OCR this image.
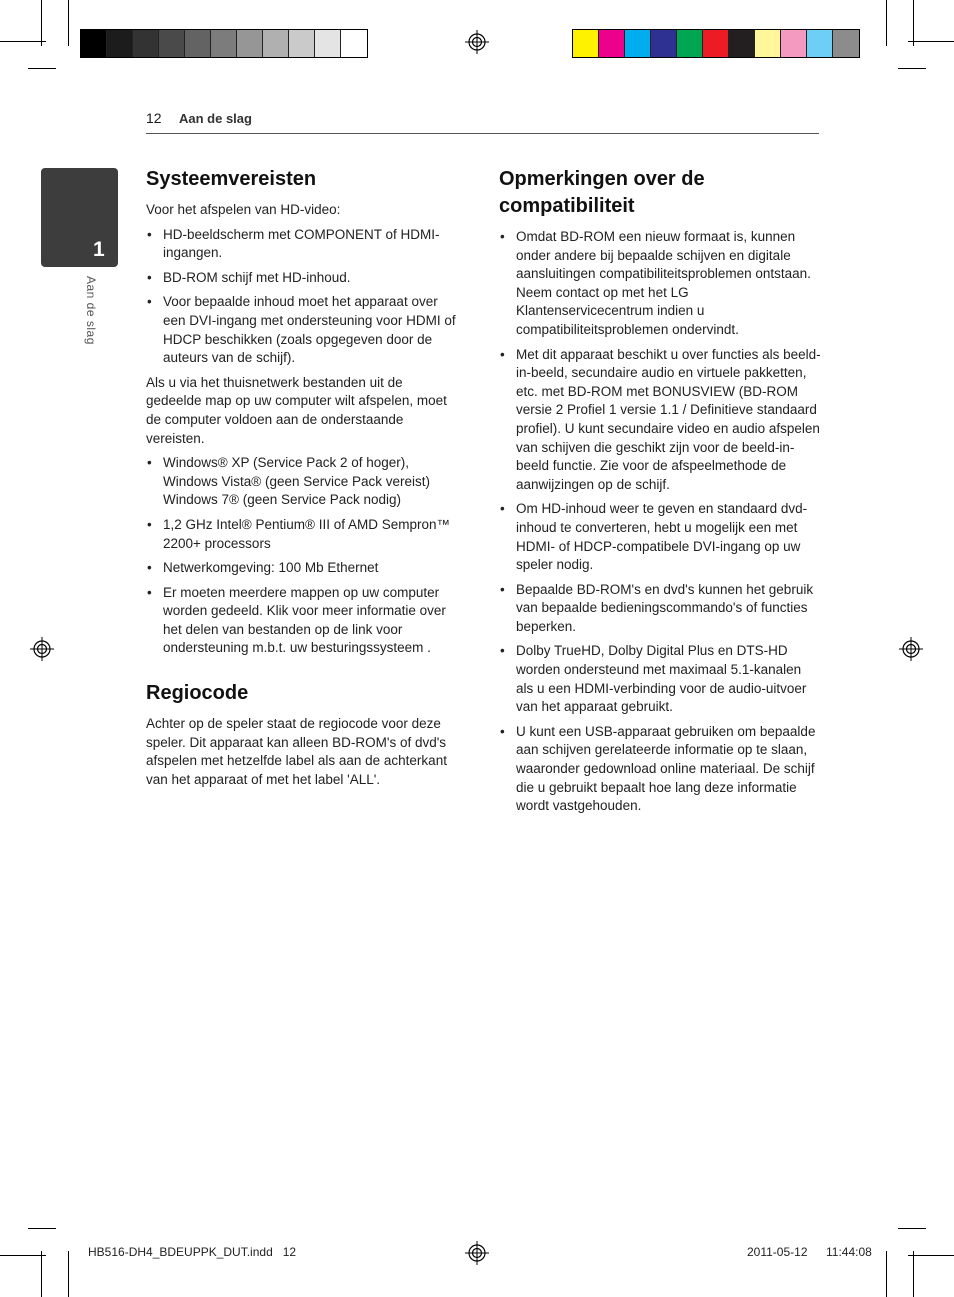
12 Aan de slag
1
Aan de slag
Systeemvereisten

Voor het afspelen van HD-video:

• HD-beeldscherm met COMPONENT of HDMI-ingangen.
• BD-ROM schijf met HD-inhoud.
• Voor bepaalde inhoud moet het apparaat over een DVI-ingang met ondersteuning voor HDMI of HDCP beschikken (zoals opgegeven door de auteurs van de schijf).

Als u via het thuisnetwerk bestanden uit de gedeelde map op uw computer wilt afspelen, moet de computer voldoen aan de onderstaande vereisten.

• Windows® XP (Service Pack 2 of hoger), Windows Vista® (geen Service Pack vereist) Windows 7® (geen Service Pack nodig)
• 1,2 GHz Intel® Pentium® III of AMD Sempron™ 2200+ processors
• Netwerkomgeving: 100 Mb Ethernet
• Er moeten meerdere mappen op uw computer worden gedeeld. Klik voor meer informatie over het delen van bestanden op de link voor ondersteuning m.b.t. uw besturingssysteem .
Regiocode

Achter op de speler staat de regiocode voor deze speler. Dit apparaat kan alleen BD-ROM's of dvd's afspelen met hetzelfde label als aan de achterkant van het apparaat of met het label 'ALL'.

Opmerkingen over de compatibiliteit
• Omdat BD-ROM een nieuw formaat is, kunnen onder andere bij bepaalde schijven en digitale aansluitingen compatibiliteitsproblemen ontstaan. Neem contact op met het LG Klantenservicecentrum indien u compatibiliteitsproblemen ondervindt.
• Met dit apparaat beschikt u over functies als beeld-in-beeld, secundaire audio en virtuele pakketten, etc. met BD-ROM met BONUSVIEW (BD-ROM versie 2 Profiel 1 versie 1.1 / Definitieve standaard profiel). U kunt secundaire video en audio afspelen van schijven die geschikt zijn voor de beeld-in-beeld functie. Zie voor de afspeelmethode de aanwijzingen op de schijf.
• Om HD-inhoud weer te geven en standaard dvd-inhoud te converteren, hebt u mogelijk een met HDMI- of HDCP-compatibele DVI-ingang op uw speler nodig.
• Bepaalde BD-ROM's en dvd's kunnen het gebruik van bepaalde bedieningscommando's of functies beperken.
• Dolby TrueHD, Dolby Digital Plus en DTS-HD worden ondersteund met maximaal 5.1-kanalen als u een HDMI-verbinding voor de audio-uitvoer van het apparaat gebruikt.
• U kunt een USB-apparaat gebruiken om bepaalde aan schijven gerelateerde informatie op te slaan, waaronder gedownload online materiaal. De schijf die u gebruikt bepaalt hoe lang deze informatie wordt vastgehouden.
HB516-DH4_BDEUPPK_DUT.indd   12	2011-05-12 11:44:08
